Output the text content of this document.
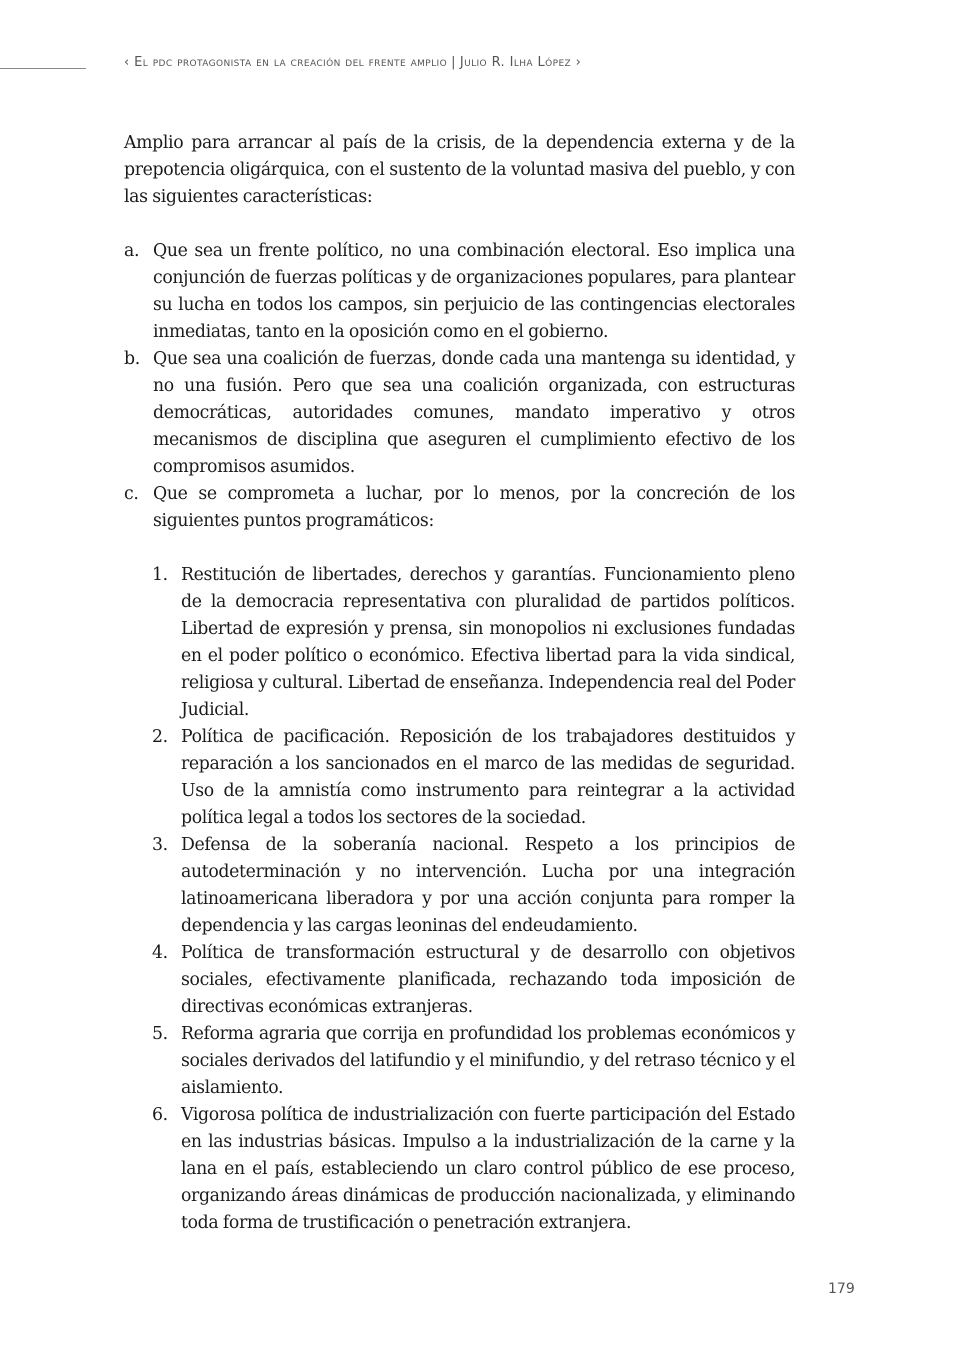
‹ El pdc protagonista en la creación del frente amplio | Julio R. Ilha López ›

Amplio para arrancar al país de la crisis, de la dependencia externa y de la prepotencia oligárquica, con el sustento de la voluntad masiva del pueblo, y con las siguientes características:

a. Que sea un frente político, no una combinación electoral. Eso implica una conjunción de fuerzas políticas y de organizaciones populares, para plantear su lucha en todos los campos, sin perjuicio de las contingencias electorales inmediatas, tanto en la oposición como en el gobierno.
b. Que sea una coalición de fuerzas, donde cada una mantenga su identidad, y no una fusión. Pero que sea una coalición organizada, con estructuras democráticas, autoridades comunes, mandato imperativo y otros mecanismos de disciplina que aseguren el cumplimiento efectivo de los compromisos asumidos.
c. Que se comprometa a luchar, por lo menos, por la concreción de los siguientes puntos programáticos:
1. Restitución de libertades, derechos y garantías. Funcionamiento pleno de la democracia representativa con pluralidad de partidos políticos. Libertad de expresión y prensa, sin monopolios ni exclusiones fundadas en el poder político o económico. Efectiva libertad para la vida sindical, religiosa y cultural. Libertad de enseñanza. Independencia real del Poder Judicial.
2. Política de pacificación. Reposición de los trabajadores destituidos y reparación a los sancionados en el marco de las medidas de seguridad. Uso de la amnistía como instrumento para reintegrar a la actividad política legal a todos los sectores de la sociedad.
3. Defensa de la soberanía nacional. Respeto a los principios de autodeterminación y no intervención. Lucha por una integración latinoamericana liberadora y por una acción conjunta para romper la dependencia y las cargas leoninas del endeudamiento.
4. Política de transformación estructural y de desarrollo con objetivos sociales, efectivamente planificada, rechazando toda imposición de directivas económicas extranjeras.
5. Reforma agraria que corrija en profundidad los problemas económicos y sociales derivados del latifundio y el minifundio, y del retraso técnico y el aislamiento.
6. Vigorosa política de industrialización con fuerte participación del Estado en las industrias básicas. Impulso a la industrialización de la carne y la lana en el país, estableciendo un claro control público de ese proceso, organizando áreas dinámicas de producción nacionalizada, y eliminando toda forma de trustificación o penetración extranjera.
179
